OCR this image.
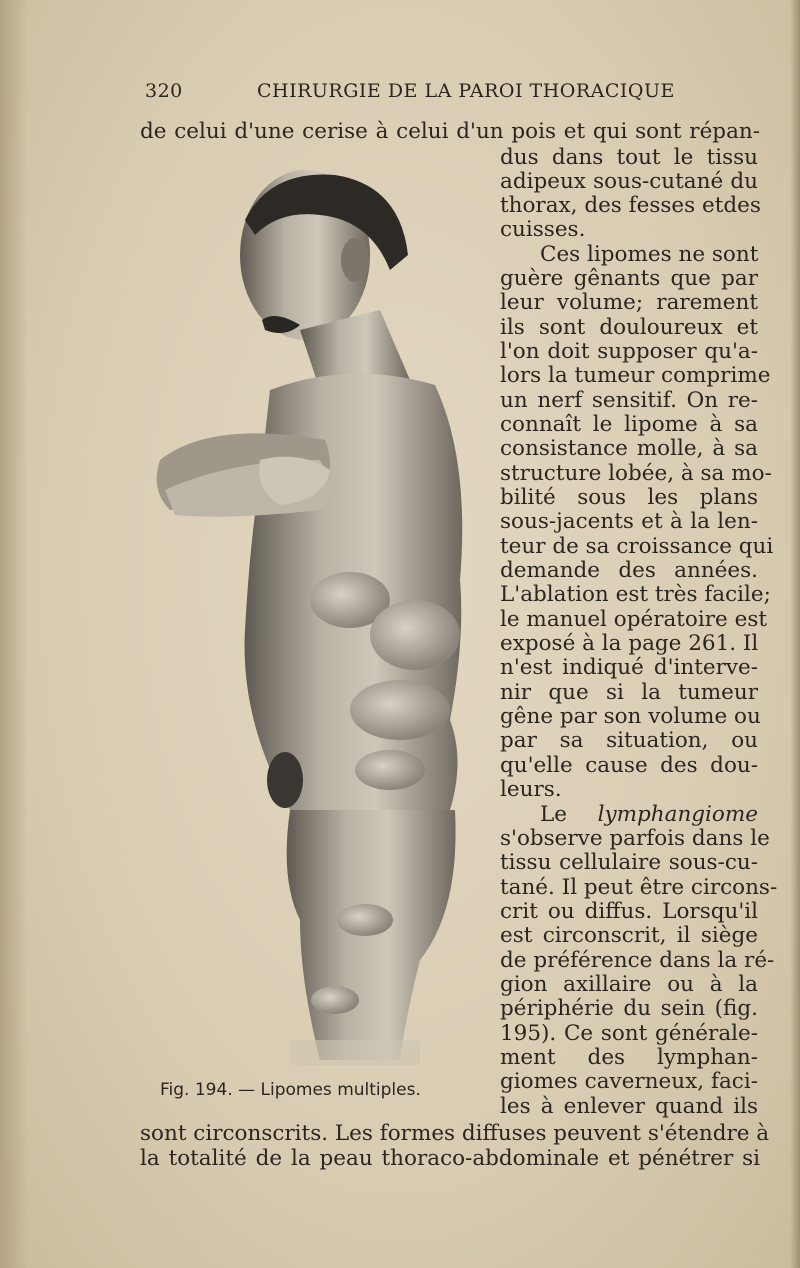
320	CHIRURGIE DE LA PAROI THORACIQUE
de celui d'une cerise à celui d'un pois et qui sont répan-
dus dans tout le tissu
adipeux sous-cutané du
thorax, des fesses etdes
cuisses.
Ces lipomes ne sont
guère gênants que par
leur volume; rarement
ils sont douloureux et
l'on doit supposer qu'a-
lors la tumeur comprime
un nerf sensitif. On re-
connaît le lipome à sa
consistance molle, à sa
structure lobée, à sa mo-
bilité sous les plans
sous-jacents et à la len-
teur de sa croissance qui
demande des années.
L'ablation est très facile;
le manuel opératoire est
exposé à la page 261. Il
n'est indiqué d'interve-
nir que si la tumeur
gêne par son volume ou
par sa situation, ou
qu'elle cause des dou-
leurs.
Le lymphangiome
s'observe parfois dans le
tissu cellulaire sous-cu-
tané. Il peut être circons-
crit ou diffus. Lorsqu'il
est circonscrit, il siège
de préférence dans la ré-
gion axillaire ou à la
périphérie du sein (fig.
195). Ce sont générale-
ment des lymphan-
giomes caverneux, faci-
les à enlever quand ils
sont circonscrits. Les formes diffuses peuvent s'étendre à
la totalité de la peau thoraco-abdominale et pénétrer si
Fig. 194. — Lipomes multiples.
